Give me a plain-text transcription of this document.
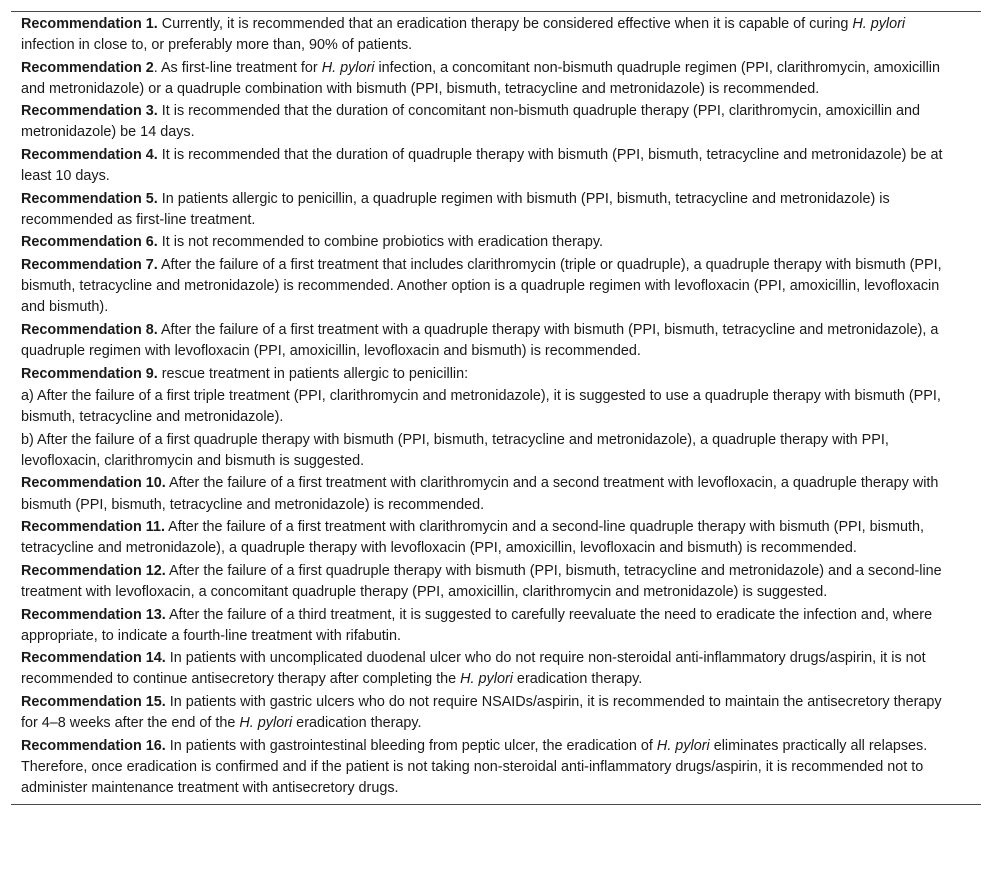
Recommendation 1. Currently, it is recommended that an eradication therapy be considered effective when it is capable of curing H. pylori infection in close to, or preferably more than, 90% of patients.

Recommendation 2. As first-line treatment for H. pylori infection, a concomitant non-bismuth quadruple regimen (PPI, clarithromycin, amoxicillin and metronidazole) or a quadruple combination with bismuth (PPI, bismuth, tetracycline and metronidazole) is recommended.

Recommendation 3. It is recommended that the duration of concomitant non-bismuth quadruple therapy (PPI, clarithromycin, amoxicillin and metronidazole) be 14 days.

Recommendation 4. It is recommended that the duration of quadruple therapy with bismuth (PPI, bismuth, tetracycline and metronidazole) be at least 10 days.

Recommendation 5. In patients allergic to penicillin, a quadruple regimen with bismuth (PPI, bismuth, tetracycline and metronidazole) is recommended as first-line treatment.

Recommendation 6. It is not recommended to combine probiotics with eradication therapy.

Recommendation 7. After the failure of a first treatment that includes clarithromycin (triple or quadruple), a quadruple therapy with bismuth (PPI, bismuth, tetracycline and metronidazole) is recommended. Another option is a quadruple regimen with levofloxacin (PPI, amoxicillin, levofloxacin and bismuth).

Recommendation 8. After the failure of a first treatment with a quadruple therapy with bismuth (PPI, bismuth, tetracycline and metronidazole), a quadruple regimen with levofloxacin (PPI, amoxicillin, levofloxacin and bismuth) is recommended.

Recommendation 9. rescue treatment in patients allergic to penicillin:

a) After the failure of a first triple treatment (PPI, clarithromycin and metronidazole), it is suggested to use a quadruple therapy with bismuth (PPI, bismuth, tetracycline and metronidazole).

b) After the failure of a first quadruple therapy with bismuth (PPI, bismuth, tetracycline and metronidazole), a quadruple therapy with PPI, levofloxacin, clarithromycin and bismuth is suggested.

Recommendation 10. After the failure of a first treatment with clarithromycin and a second treatment with levofloxacin, a quadruple therapy with bismuth (PPI, bismuth, tetracycline and metronidazole) is recommended.

Recommendation 11. After the failure of a first treatment with clarithromycin and a second-line quadruple therapy with bismuth (PPI, bismuth, tetracycline and metronidazole), a quadruple therapy with levofloxacin (PPI, amoxicillin, levofloxacin and bismuth) is recommended.

Recommendation 12. After the failure of a first quadruple therapy with bismuth (PPI, bismuth, tetracycline and metronidazole) and a second-line treatment with levofloxacin, a concomitant quadruple therapy (PPI, amoxicillin, clarithromycin and metronidazole) is suggested.

Recommendation 13. After the failure of a third treatment, it is suggested to carefully reevaluate the need to eradicate the infection and, where appropriate, to indicate a fourth-line treatment with rifabutin.

Recommendation 14. In patients with uncomplicated duodenal ulcer who do not require non-steroidal anti-inflammatory drugs/aspirin, it is not recommended to continue antisecretory therapy after completing the H. pylori eradication therapy.

Recommendation 15. In patients with gastric ulcers who do not require NSAIDs/aspirin, it is recommended to maintain the antisecretory therapy for 4–8 weeks after the end of the H. pylori eradication therapy.

Recommendation 16. In patients with gastrointestinal bleeding from peptic ulcer, the eradication of H. pylori eliminates practically all relapses. Therefore, once eradication is confirmed and if the patient is not taking non-steroidal anti-inflammatory drugs/aspirin, it is recommended not to administer maintenance treatment with antisecretory drugs.
